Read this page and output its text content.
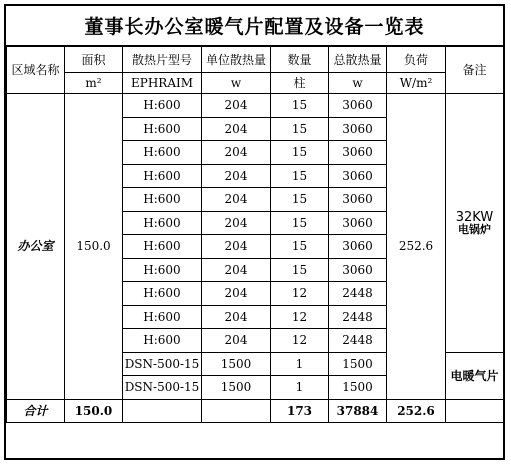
董事长办公室暖气片配置及设备一览表
区域名称	面积	散热片型号	单位散热量	数量	总散热量	负荷	备注
	m²	EPHRAIM	w	柱	w	W/m²	
办公室	150.0	H:600	204	15	3060	252.6	32KW
电锅炉

		H:600	204	15	3060		
		H:600	204	15	3060		
		H:600	204	15	3060		
		H:600	204	15	3060		
		H:600	204	15	3060		
		H:600	204	15	3060		
		H:600	204	15	3060		
		H:600	204	12	2448		
		H:600	204	12	2448		
		H:600	204	12	2448		
		DSN-500-15	1500	1	1500		电暖气片
		DSN-500-15	1500	1	1500		
合计	150.0			173	37884	252.6	
